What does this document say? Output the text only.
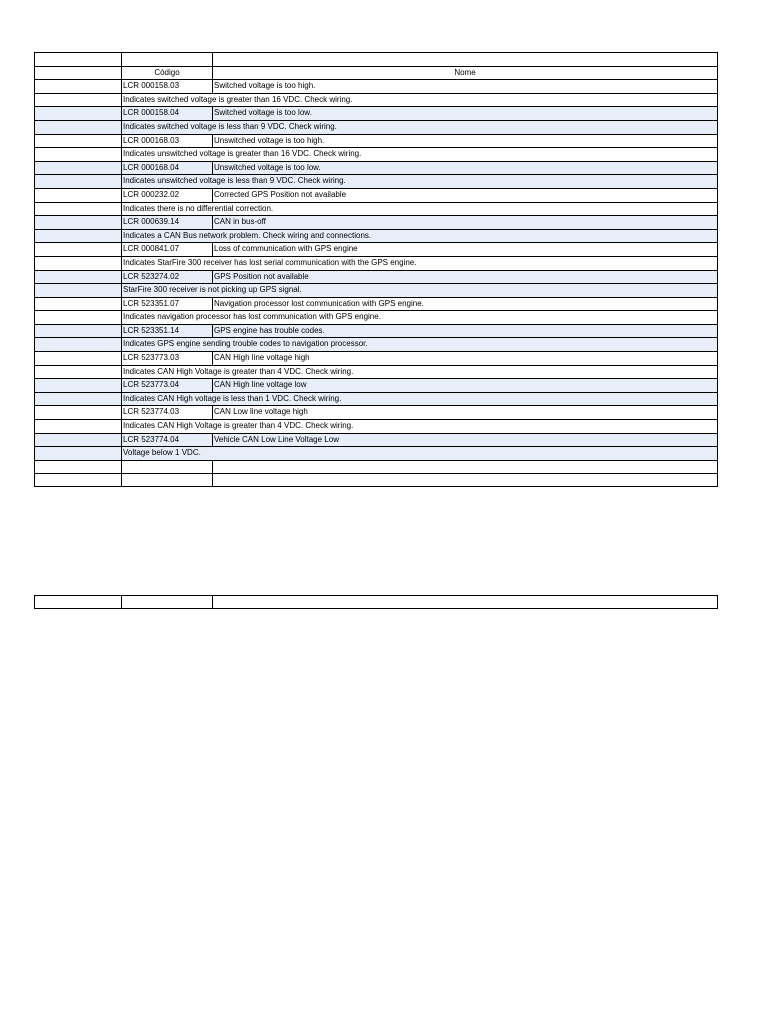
Código	Nome
LCR 000158.03	Switched voltage is too high.
Indicates switched voltage is greater than 16 VDC. Check wiring.
LCR 000158.04	Switched voltage is too low.
Indicates switched voltage is less than 9 VDC. Check wiring.
LCR 000168.03	Unswitched voltage is too high.
Indicates unswitched voltage is greater than 16 VDC. Check wiring.
LCR 000168.04	Unswitched voltage is too low.
Indicates unswitched voltage is less than 9 VDC. Check wiring.
LCR 000232.02	Corrected GPS Position not available
Indicates there is no differential correction.
LCR 000639.14	CAN in bus-off
Indicates a CAN Bus network problem. Check wiring and connections.
LCR 000841.07	Loss of communication with GPS engine
Indicates StarFire 300 receiver has lost serial communication with the GPS engine.
LCR 523274.02	GPS Position not available
StarFire 300 receiver is not picking up GPS signal.
LCR 523351.07	Navigation processor lost communication with GPS engine.
Indicates navigation processor has lost communication with GPS engine.
LCR 523351.14	GPS engine has trouble codes.
Indicates GPS engine sending trouble codes to navigation processor.
LCR 523773.03	CAN High line voltage high
Indicates CAN High Voltage is greater than 4 VDC. Check wiring.
LCR 523773.04	CAN High line voltage low
Indicates CAN High voltage is less than 1 VDC. Check wiring.
LCR 523774.03	CAN Low line voltage high
Indicates CAN High Voltage is greater than 4 VDC. Check wiring.
LCR 523774.04	Vehicle CAN Low Line Voltage Low
Voltage below 1 VDC.
